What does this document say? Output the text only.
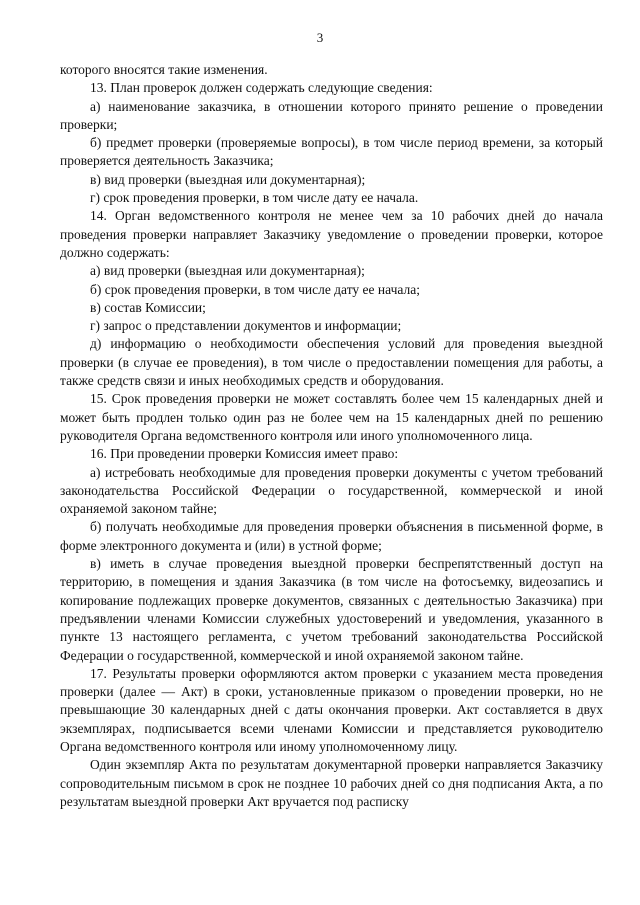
3

которого вносятся такие изменения.

13. План проверок должен содержать следующие сведения:

а) наименование заказчика, в отношении которого принято решение о проведении проверки;

б) предмет проверки (проверяемые вопросы), в том числе период времени, за который проверяется деятельность Заказчика;

в) вид проверки (выездная или документарная);

г) срок проведения проверки, в том числе дату ее начала.

14. Орган ведомственного контроля не менее чем за 10 рабочих дней до начала проведения проверки направляет Заказчику уведомление о проведении проверки, которое должно содержать:

а) вид проверки (выездная или документарная);

б) срок проведения проверки, в том числе дату ее начала;

в) состав Комиссии;

г) запрос о представлении документов и информации;

д) информацию о необходимости обеспечения условий для проведения выездной проверки (в случае ее проведения), в том числе о предоставлении помещения для работы, а также средств связи и иных необходимых средств и оборудования.

15. Срок проведения проверки не может составлять более чем 15 календарных дней и может быть продлен только один раз не более чем на 15 календарных дней по решению руководителя Органа ведомственного контроля или иного уполномоченного лица.

16. При проведении проверки Комиссия имеет право:

а) истребовать необходимые для проведения проверки документы с учетом требований законодательства Российской Федерации о государственной, коммерческой и иной охраняемой законом тайне;

б) получать необходимые для проведения проверки объяснения в письменной форме, в форме электронного документа и (или) в устной форме;

в) иметь в случае проведения выездной проверки беспрепятственный доступ на территорию, в помещения и здания Заказчика (в том числе на фотосъемку, видеозапись и копирование подлежащих проверке документов, связанных с деятельностью Заказчика) при предъявлении членами Комиссии служебных удостоверений и уведомления, указанного в пункте 13 настоящего регламента, с учетом требований законодательства Российской Федерации о государственной, коммерческой и иной охраняемой законом тайне.

17. Результаты проверки оформляются актом проверки с указанием места проведения проверки (далее — Акт) в сроки, установленные приказом о проведении проверки, но не превышающие 30 календарных дней с даты окончания проверки. Акт составляется в двух экземплярах, подписывается всеми членами Комиссии и представляется руководителю Органа ведомственного контроля или иному уполномоченному лицу.

Один экземпляр Акта по результатам документарной проверки направляется Заказчику сопроводительным письмом в срок не позднее 10 рабочих дней со дня подписания Акта, а по результатам выездной проверки Акт вручается под расписку
